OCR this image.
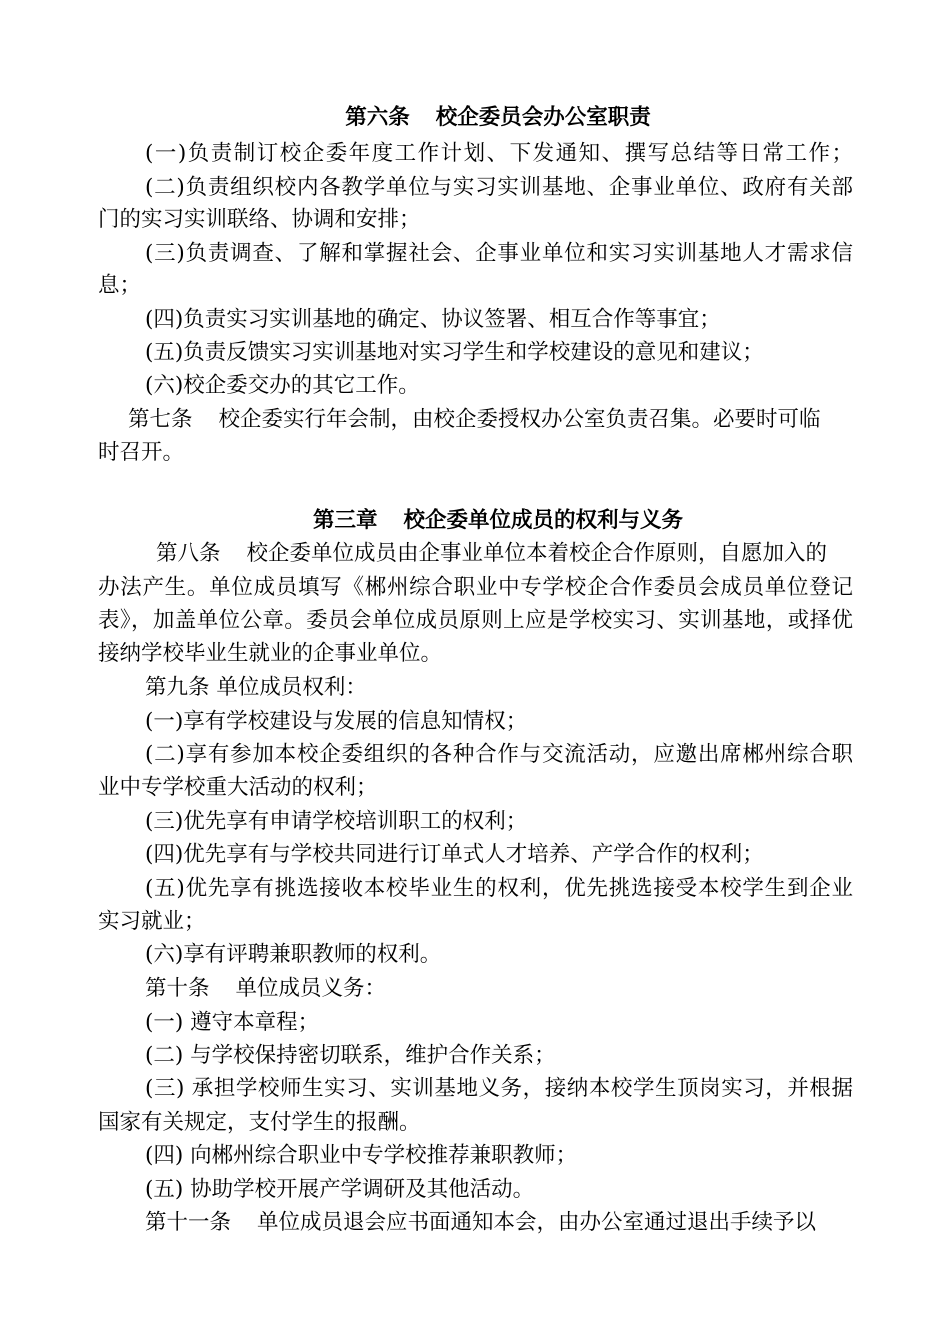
第六条 校企委员会办公室职责
(一)负责制订校企委年度工作计划、下发通知、撰写总结等日常工作；
(二)负责组织校内各教学单位与实习实训基地、企事业单位、政府有关部
门的实习实训联络、协调和安排；
(三)负责调查、了解和掌握社会、企事业单位和实习实训基地人才需求信
息；
(四)负责实习实训基地的确定、协议签署、相互合作等事宜；
(五)负责反馈实习实训基地对实习学生和学校建设的意见和建议；
(六)校企委交办的其它工作。
第七条 校企委实行年会制，由校企委授权办公室负责召集。必要时可临
时召开。
第三章 校企委单位成员的权利与义务
第八条 校企委单位成员由企事业单位本着校企合作原则，自愿加入的
办法产生。单位成员填写《郴州综合职业中专学校企合作委员会成员单位登记
表》，加盖单位公章。委员会单位成员原则上应是学校实习、实训基地，或择优
接纳学校毕业生就业的企事业单位。
第九条 单位成员权利：
(一)享有学校建设与发展的信息知情权；
(二)享有参加本校企委组织的各种合作与交流活动，应邀出席郴州综合职
业中专学校重大活动的权利；
(三)优先享有申请学校培训职工的权利；
(四)优先享有与学校共同进行订单式人才培养、产学合作的权利；
(五)优先享有挑选接收本校毕业生的权利，优先挑选接受本校学生到企业
实习就业；
(六)享有评聘兼职教师的权利。
第十条 单位成员义务：
(一) 遵守本章程；
(二) 与学校保持密切联系，维护合作关系；
(三) 承担学校师生实习、实训基地义务，接纳本校学生顶岗实习，并根据
国家有关规定，支付学生的报酬。
(四) 向郴州综合职业中专学校推荐兼职教师；
(五) 协助学校开展产学调研及其他活动。
第十一条 单位成员退会应书面通知本会，由办公室通过退出手续予以
